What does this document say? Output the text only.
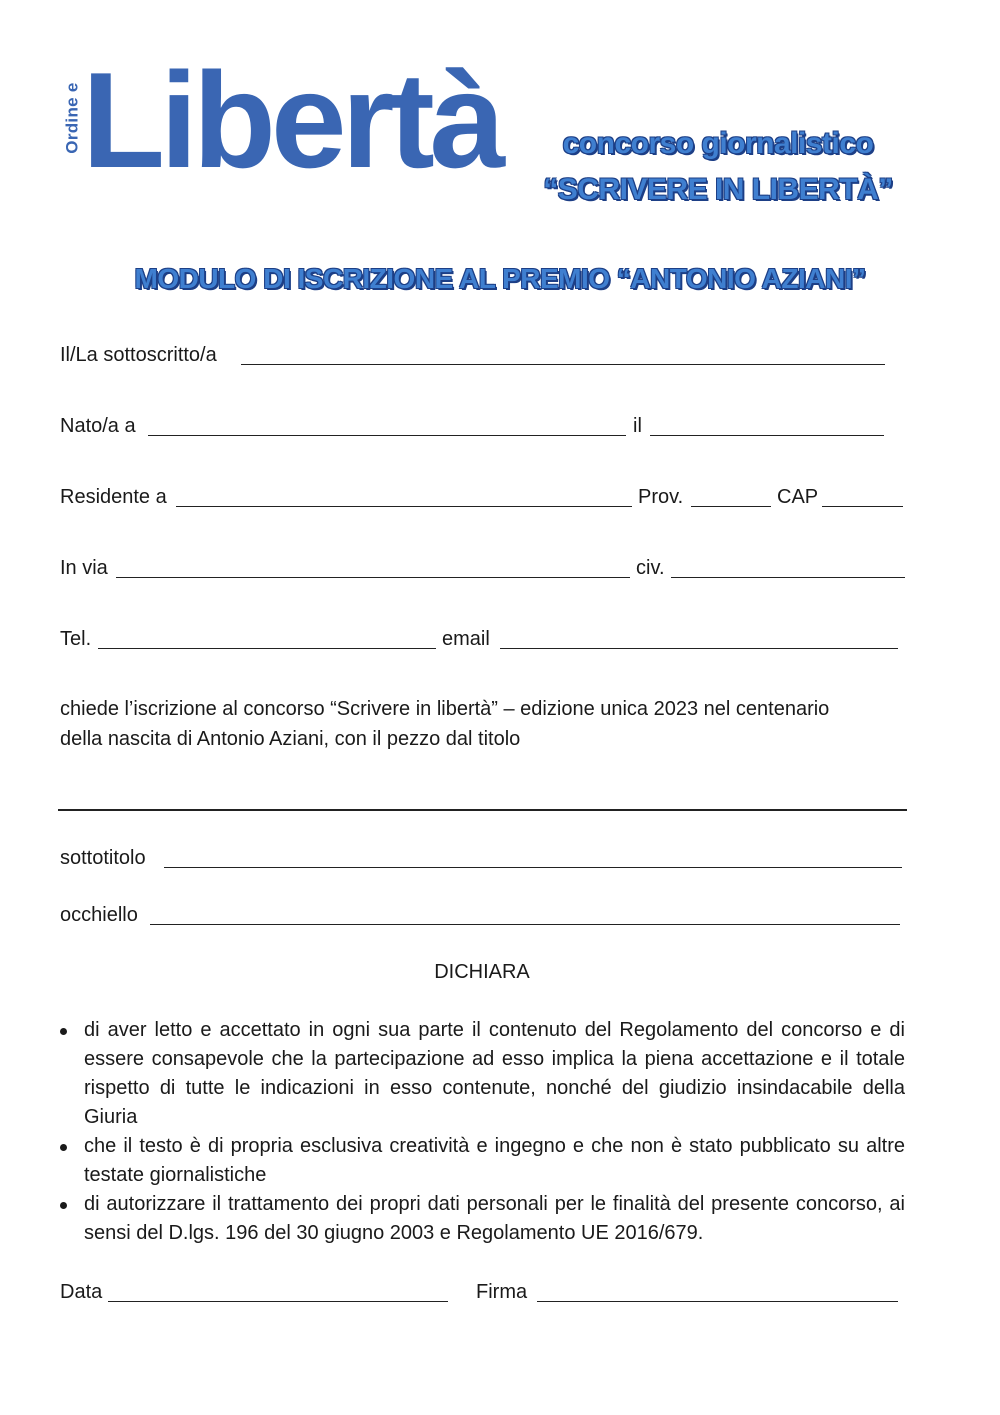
Ordine e Libertà	concorso giornalistico
“SCRIVERE IN LIBERTÀ”
MODULO DI ISCRIZIONE AL PREMIO “ANTONIO AZIANI”
Il/La sottoscritto/a
Nato/a a	il
Residente a	Prov.	CAP
In via	civ.
Tel.	email
chiede l’iscrizione al concorso “Scrivere in libertà” – edizione unica 2023 nel centenario
della nascita di Antonio Aziani, con il pezzo dal titolo
sottotitolo
occhiello
DICHIARA
di aver letto e accettato in ogni sua parte il contenuto del Regolamento del concorso e di essere consapevole che la partecipazione ad esso implica la piena accettazione e il totale rispetto di tutte le indicazioni in esso contenute, nonché del giudizio insindacabile della Giuria
che il testo è di propria esclusiva creatività e ingegno e che non è stato pubblicato su altre testate giornalistiche
di autorizzare il trattamento dei propri dati personali per le finalità del presente concorso, ai sensi del D.lgs. 196 del 30 giugno 2003 e Regolamento UE 2016/679.
Data	Firma
